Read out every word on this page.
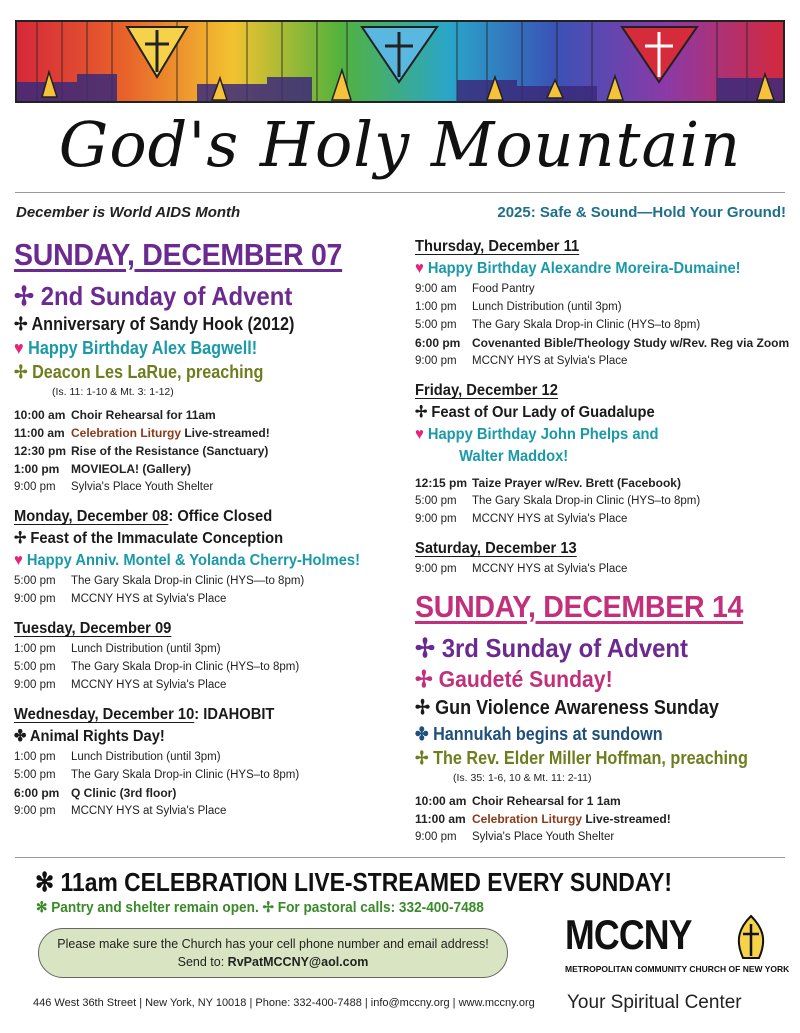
God's Holy Mountain
December is World AIDS Month	2025: Safe & Sound—Hold Your Ground!
SUNDAY, DECEMBER 07
✢ 2nd Sunday of Advent
✢ Anniversary of Sandy Hook (2012)
♥ Happy Birthday Alex Bagwell!
✢ Deacon Les LaRue, preaching
(Is. 11: 1-10 & Mt. 3: 1-12)
10:00 am Choir Rehearsal for 11am
11:00 am Celebration Liturgy Live-streamed!
12:30 pm Rise of the Resistance (Sanctuary)
1:00 pm MOVIEOLA! (Gallery)
9:00 pm Sylvia's Place Youth Shelter
Monday, December 08: Office Closed
✢ Feast of the Immaculate Conception
♥ Happy Anniv. Montel & Yolanda Cherry-Holmes!
5:00 pm The Gary Skala Drop-in Clinic (HYS—to 8pm)
9:00 pm MCCNY HYS at Sylvia's Place
Tuesday, December 09
1:00 pm Lunch Distribution (until 3pm)
5:00 pm The Gary Skala Drop-in Clinic (HYS–to 8pm)
9:00 pm MCCNY HYS at Sylvia's Place
Wednesday, December 10: IDAHOBIT
✤ Animal Rights Day!
1:00 pm Lunch Distribution (until 3pm)
5:00 pm The Gary Skala Drop-in Clinic (HYS–to 8pm)
6:00 pm Q Clinic (3rd floor)
9:00 pm MCCNY HYS at Sylvia's Place
Thursday, December 11
♥ Happy Birthday Alexandre Moreira-Dumaine!
9:00 am Food Pantry
1:00 pm Lunch Distribution (until 3pm)
5:00 pm The Gary Skala Drop-in Clinic (HYS–to 8pm)
6:00 pm Covenanted Bible/Theology Study w/Rev. Reg via Zoom
9:00 pm MCCNY HYS at Sylvia's Place
Friday, December 12
✢ Feast of Our Lady of Guadalupe
♥ Happy Birthday John Phelps and
Walter Maddox!
12:15 pm Taize Prayer w/Rev. Brett (Facebook)
5:00 pm The Gary Skala Drop-in Clinic (HYS–to 8pm)
9:00 pm MCCNY HYS at Sylvia's Place
Saturday, December 13
9:00 pm MCCNY HYS at Sylvia's Place
SUNDAY, DECEMBER 14
✢ 3rd Sunday of Advent
✢ Gaudeté Sunday!
✢ Gun Violence Awareness Sunday
✤ Hannukah begins at sundown
✢ The Rev. Elder Miller Hoffman, preaching
(Is. 35: 1-6, 10 & Mt. 11: 2-11)
10:00 am Choir Rehearsal for 1 1am
11:00 am Celebration Liturgy Live-streamed!
9:00 pm Sylvia's Place Youth Shelter
✻ 11am CELEBRATION LIVE-STREAMED EVERY SUNDAY!
✻ Pantry and shelter remain open. ✢ For pastoral calls: 332-400-7488
Please make sure the Church has your cell phone number and email address!
Send to: RvPatMCCNY@aol.com
MCCNY
METROPOLITAN COMMUNITY CHURCH OF NEW YORK
446 West 36th Street | New York, NY 10018 | Phone: 332-400-7488 | info@mccny.org | www.mccny.org Your Spiritual Center
